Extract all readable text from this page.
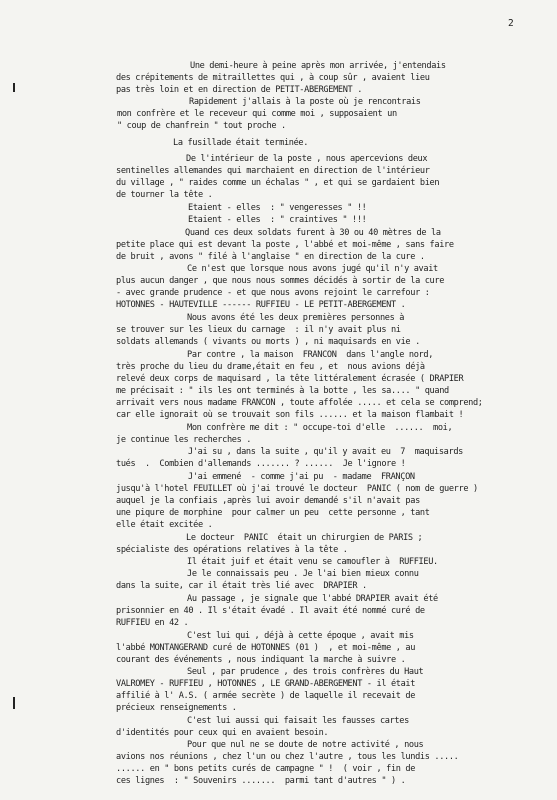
2
Une demi-heure à peine après mon arrivée, j'entendais
des crépitements de mitraillettes qui , à coup sûr , avaient lieu
pas très loin et en direction de PETIT-ABERGEMENT .
Rapidement j'allais à la poste où je rencontrais
mon confrère et le receveur qui comme moi , supposaient un
" coup de chanfrein " tout proche .
La fusillade était terminée.
De l'intérieur de la poste , nous apercevions deux
sentinelles allemandes qui marchaient en direction de l'intérieur
du village , " raides comme un échalas " , et qui se gardaient bien
de tourner la tête .
Etaient - elles  : " vengeresses " !!
Etaient - elles  : " craintives " !!!
Quand ces deux soldats furent à 30 ou 40 mètres de la
petite place qui est devant la poste , l'abbé et moi-même , sans faire
de bruit , avons " filé à l'anglaise " en direction de la cure .
Ce n'est que lorsque nous avons jugé qu'il n'y avait
plus aucun danger , que nous nous sommes décidés à sortir de la cure
- avec grande prudence - et que nous avons rejoint le carrefour :
HOTONNES - HAUTEVILLE ------ RUFFIEU - LE PETIT-ABERGEMENT .
Nous avons été les deux premières personnes à
se trouver sur les lieux du carnage  : il n'y avait plus ni
soldats allemands ( vivants ou morts ) , ni maquisards en vie .
Par contre , la maison  FRANCON  dans l'angle nord,
très proche du lieu du drame,était en feu , et  nous avions déjà
relevé deux corps de maquisard , la tête littéralement écrasée ( DRAPIER
me précisait : " ils les ont terminés à la botte , les sa.... " quand
arrivait vers nous madame FRANCON , toute affolée ..... et cela se comprend;
car elle ignorait où se trouvait son fils ...... et la maison flambait !
Mon confrère me dit : " occupe-toi d'elle  ......  moi,
je continue les recherches .
J'ai su , dans la suite , qu'il y avait eu  7  maquisards
tués  .  Combien d'allemands ....... ? ......  Je l'ignore !
J'ai emmené  - comme j'ai pu  - madame  FRANÇON
jusqu'à l'hotel FEUILLET où j'ai trouvé le docteur  PANIC ( nom de guerre )
auquel je la confiais ,après lui avoir demandé s'il n'avait pas
une piqure de morphine  pour calmer un peu  cette personne , tant
elle était excitée .
Le docteur  PANIC  était un chirurgien de PARIS ;
spécialiste des opérations relatives à la tête .
Il était juif et était venu se camoufler à  RUFFIEU.
Je le connaissais peu . Je l'ai bien mieux connu
dans la suite, car il était très lié avec  DRAPIER .
Au passage , je signale que l'abbé DRAPIER avait été
prisonnier en 40 . Il s'était évadé . Il avait été nommé curé de
RUFFIEU en 42 .
C'est lui qui , déjà à cette époque , avait mis
l'abbé MONTANGERAND curé de HOTONNES (01 )  , et moi-même , au
courant des événements , nous indiquant la marche à suivre .
Seul , par prudence , des trois confrères du Haut
VALROMEY - RUFFIEU , HOTONNES , LE GRAND-ABERGEMENT - il était
affilié à l' A.S. ( armée secrète ) de laquelle il recevait de
précieux renseignements .
C'est lui aussi qui faisait les fausses cartes
d'identités pour ceux qui en avaient besoin.
Pour que nul ne se doute de notre activité , nous
avions nos réunions , chez l'un ou chez l'autre , tous les lundis .....
...... en " bons petits curés de campagne " !  ( voir , fin de
ces lignes  : " Souvenirs .......  parmi tant d'autres " ) .
